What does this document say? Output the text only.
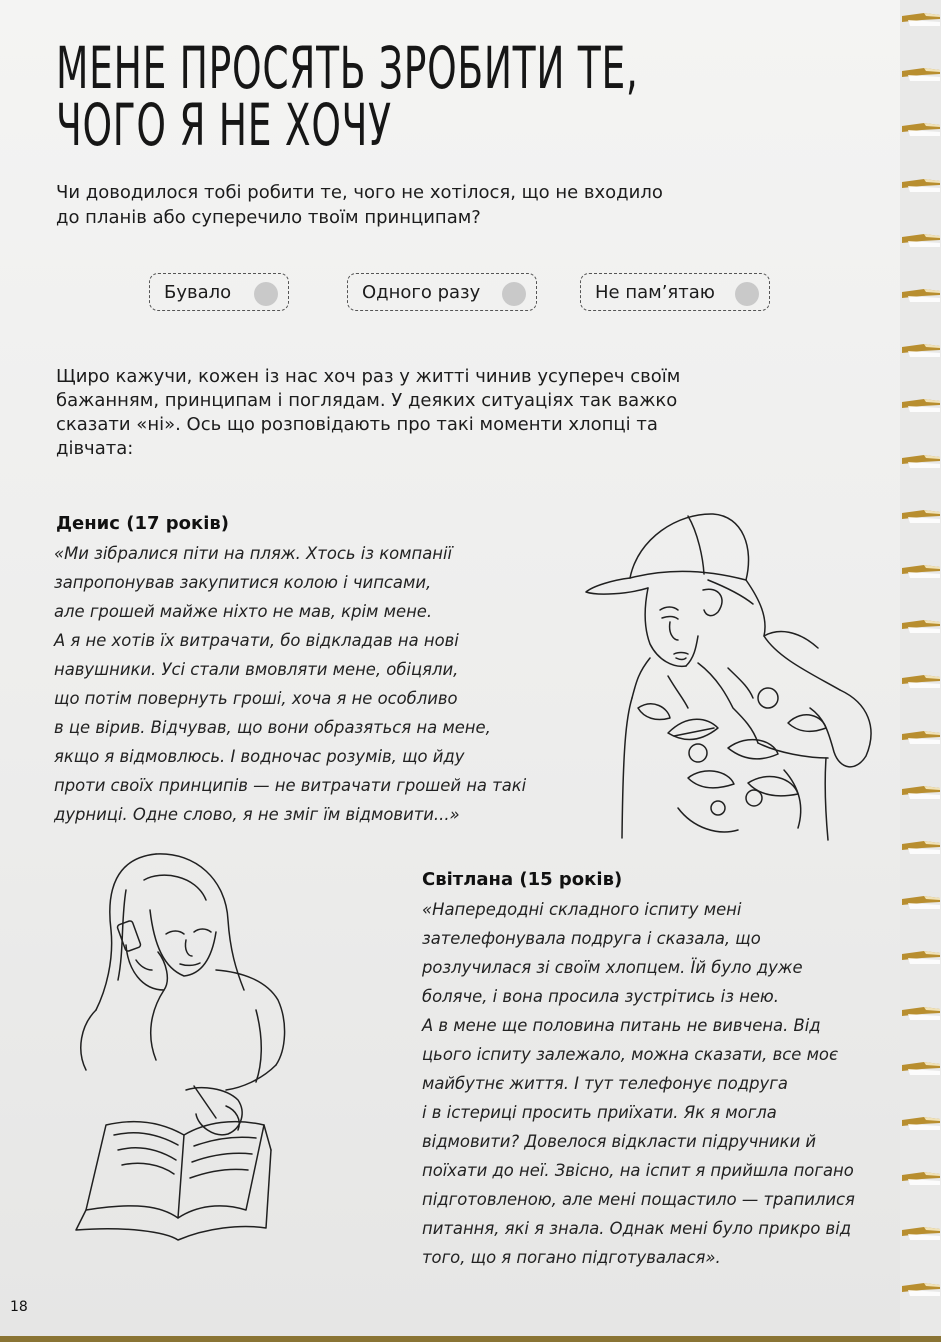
МЕНЕ ПРОСЯТЬ ЗРОБИТИ ТЕ,
ЧОГО Я НЕ ХОЧУ

Чи доводилося тобі робити те, чого не хотілося, що не входило до планів або суперечило твоїм принципам?

Бувало	Одного разу	Не пам’ятаю

Щиро кажучи, кожен із нас хоч раз у житті чинив усупереч своїм бажанням, принципам і поглядам. У деяких ситуаціях так важко сказати «ні». Ось що розповідають про такі моменти хлопці та дівчата:

Денис (17 років)

«Ми зібралися піти на пляж. Хтось із компанії
запропонував закупитися колою і чипсами,
але грошей майже ніхто не мав, крім мене.
А я не хотів їх витрачати, бо відкладав на нові
навушники. Усі стали вмовляти мене, обіцяли,
що потім повернуть гроші, хоча я не особливо
в це вірив. Відчував, що вони образяться на мене,
якщо я відмовлюсь. І водночас розумів, що йду
проти своїх принципів — не витрачати грошей на такі
дурниці. Одне слово, я не зміг їм відмовити...»

Світлана (15 років)

«Напередодні складного іспиту мені
зателефонувала подруга і сказала, що
розлучилася зі своїм хлопцем. Їй було дуже
боляче, і вона просила зустрітись із нею.
А в мене ще половина питань не вивчена. Від
цього іспиту залежало, можна сказати, все моє
майбутнє життя. І тут телефонує подруга
і в істериці просить приїхати. Як я могла
відмовити? Довелося відкласти підручники й
поїхати до неї. Звісно, на іспит я прийшла погано
підготовленою, але мені пощастило — трапилися
питання, які я знала. Однак мені було прикро від
того, що я погано підготувалася».

18
